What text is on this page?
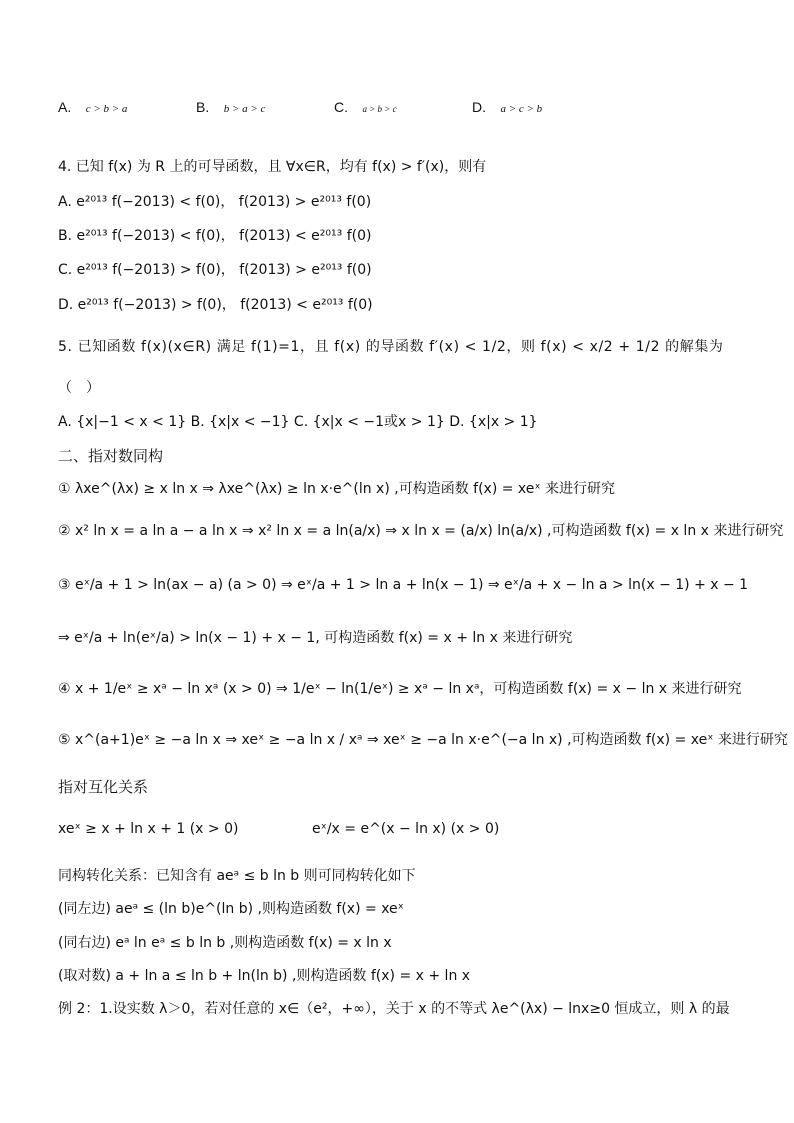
A. c > b > a	B. b > a > c	C. a > b > c	D. a > c > b
4. 已知 f(x) 为 R 上的可导函数，且 ∀x∈R，均有 f(x) > f′(x)，则有
A. e²⁰¹³ f(−2013) < f(0)， f(2013) > e²⁰¹³ f(0)
B. e²⁰¹³ f(−2013) < f(0)， f(2013) < e²⁰¹³ f(0)
C. e²⁰¹³ f(−2013) > f(0)， f(2013) > e²⁰¹³ f(0)
D. e²⁰¹³ f(−2013) > f(0)， f(2013) < e²⁰¹³ f(0)
5. 已知函数 f(x)(x∈R) 满足 f(1)=1，且 f(x) 的导函数 f′(x) < 1/2，则 f(x) < x/2 + 1/2 的解集为
（　）
A. {x|−1 < x < 1} B. {x|x < −1} C. {x|x < −1或x > 1} D. {x|x > 1}
二、指对数同构
① λxe^(λx) ≥ x ln x ⇒ λxe^(λx) ≥ ln x·e^(ln x) ,可构造函数 f(x) = xeˣ 来进行研究
② x² ln x = a ln a − a ln x ⇒ x² ln x = a ln(a/x) ⇒ x ln x = (a/x) ln(a/x) ,可构造函数 f(x) = x ln x 来进行研究
③ eˣ/a + 1 > ln(ax − a) (a > 0) ⇒ eˣ/a + 1 > ln a + ln(x − 1) ⇒ eˣ/a + x − ln a > ln(x − 1) + x − 1
⇒ eˣ/a + ln(eˣ/a) > ln(x − 1) + x − 1, 可构造函数 f(x) = x + ln x 来进行研究
④ x + 1/eˣ ≥ xᵃ − ln xᵃ (x > 0) ⇒ 1/eˣ − ln(1/eˣ) ≥ xᵃ − ln xᵃ，可构造函数 f(x) = x − ln x 来进行研究
⑤ x^(a+1)eˣ ≥ −a ln x ⇒ xeˣ ≥ −a ln x / xᵃ ⇒ xeˣ ≥ −a ln x·e^(−a ln x) ,可构造函数 f(x) = xeˣ 来进行研究
指对互化关系
xeˣ ≥ x + ln x + 1 (x > 0)	eˣ/x = e^(x − ln x) (x > 0)
同构转化关系：已知含有 aeᵃ ≤ b ln b 则可同构转化如下
(同左边) aeᵃ ≤ (ln b)e^(ln b) ,则构造函数 f(x) = xeˣ
(同右边) eᵃ ln eᵃ ≤ b ln b ,则构造函数 f(x) = x ln x
(取对数) a + ln a ≤ ln b + ln(ln b) ,则构造函数 f(x) = x + ln x
例 2：1.设实数 λ＞0，若对任意的 x∈（e²，+∞），关于 x 的不等式 λe^(λx) − lnx≥0 恒成立，则 λ 的最
